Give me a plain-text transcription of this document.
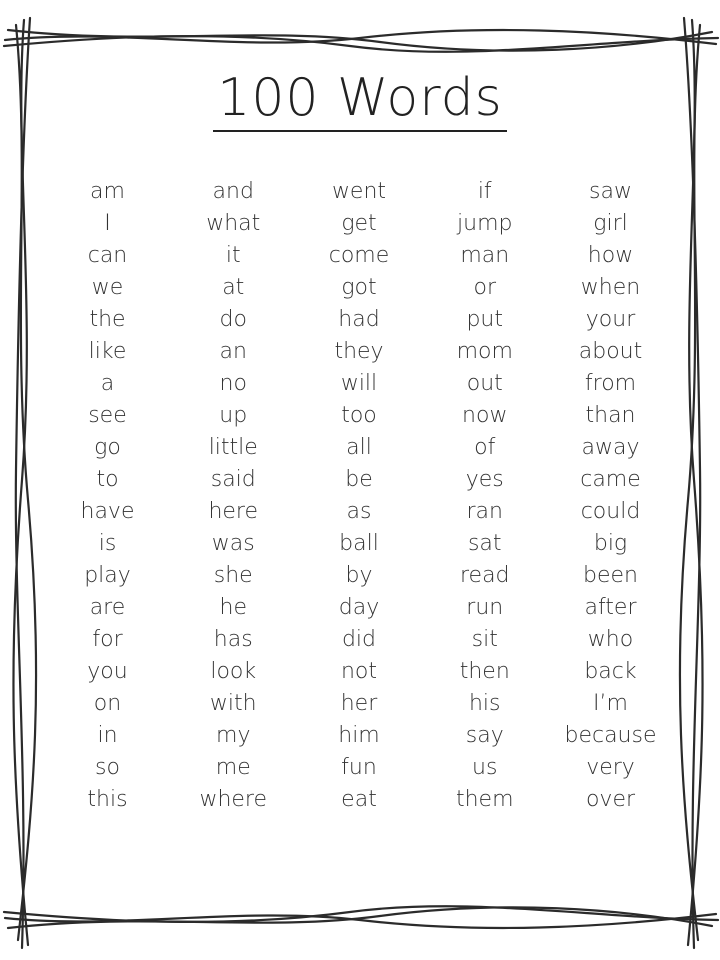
100 Words
am
I
can
we
the
like
a
see
go
to
have
is
play
are
for
you
on
in
so
this
and
what
it
at
do
an
no
up
little
said
here
was
she
he
has
look
with
my
me
where
went
get
come
got
had
they
will
too
all
be
as
ball
by
day
did
not
her
him
fun
eat
if
jump
man
or
put
mom
out
now
of
yes
ran
sat
read
run
sit
then
his
say
us
them
saw
girl
how
when
your
about
from
than
away
came
could
big
been
after
who
back
I’m
because
very
over
